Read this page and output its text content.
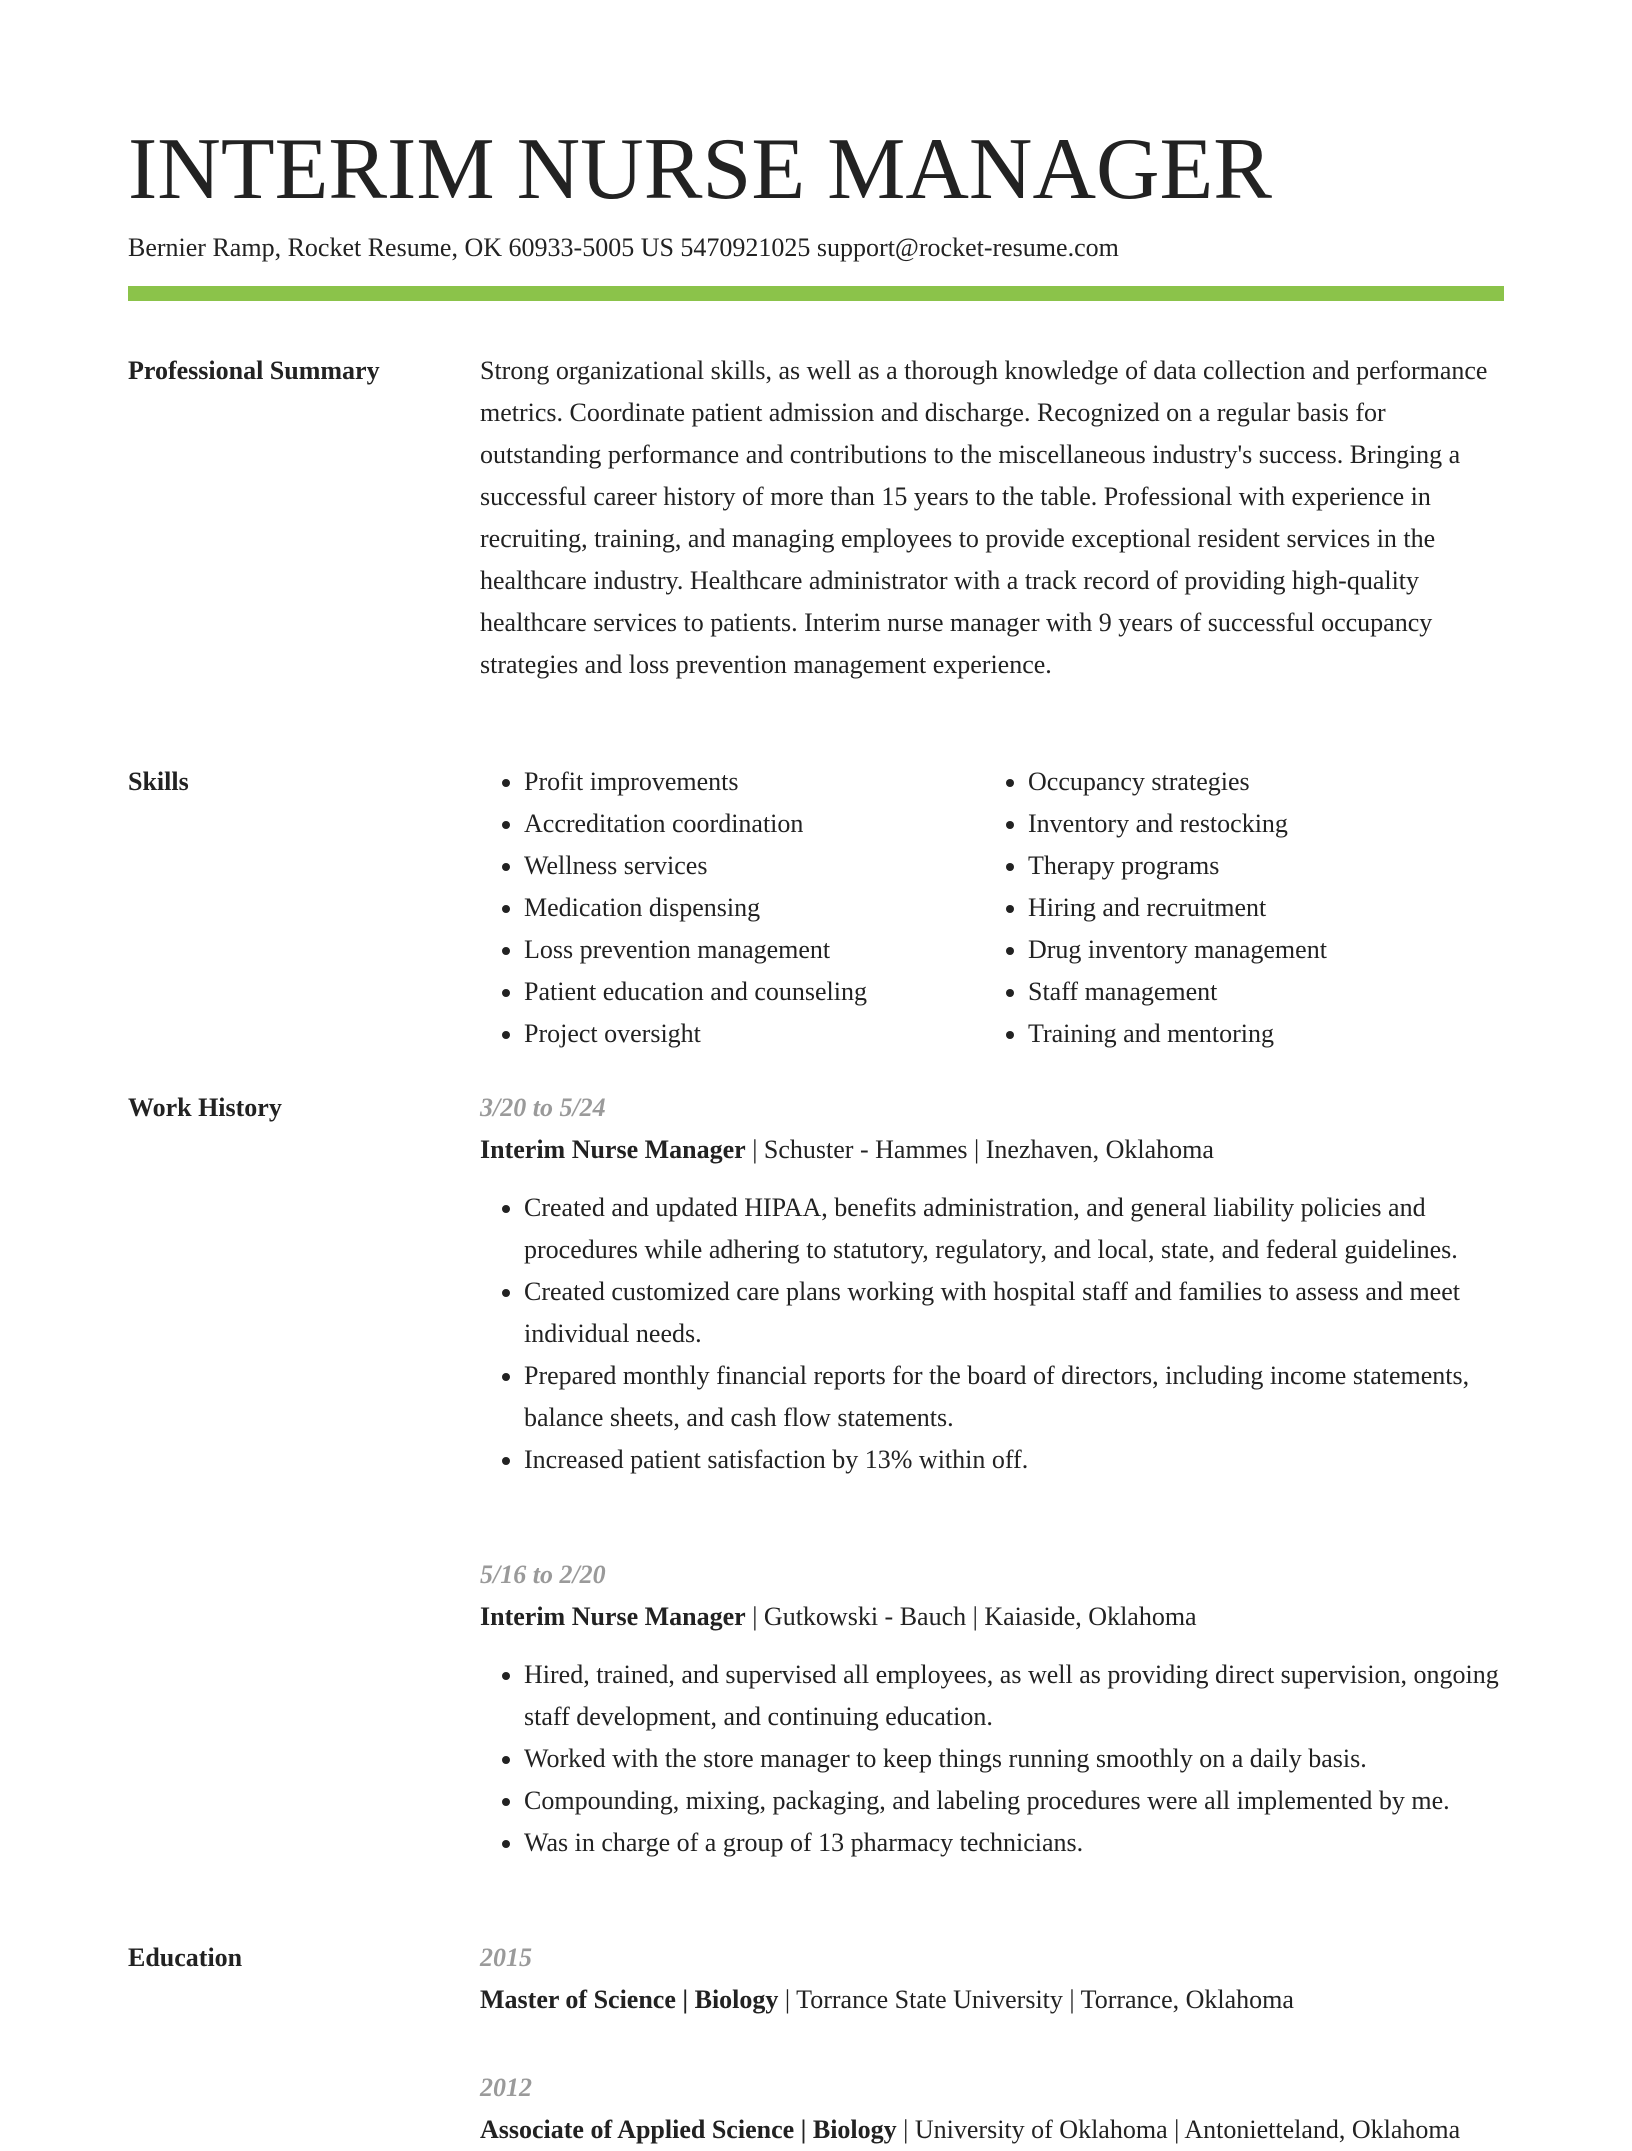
INTERIM NURSE MANAGER
Bernier Ramp, Rocket Resume, OK 60933-5005 US 5470921025 support@rocket-resume.com
Professional Summary	Strong organizational skills, as well as a thorough knowledge of data collection and performance metrics. Coordinate patient admission and discharge. Recognized on a regular basis for outstanding performance and contributions to the miscellaneous industry's success. Bringing a successful career history of more than 15 years to the table. Professional with experience in recruiting, training, and managing employees to provide exceptional resident services in the healthcare industry. Healthcare administrator with a track record of providing high-quality healthcare services to patients. Interim nurse manager with 9 years of successful occupancy strategies and loss prevention management experience.

Skills
•	Profit improvements
• Accreditation coordination
• Wellness services
• Medication dispensing
• Loss prevention management
• Patient education and counseling
• Project oversight
• Occupancy strategies
• Inventory and restocking
• Therapy programs
• Hiring and recruitment
• Drug inventory management
• Staff management
• Training and mentoring
Work History	3/20 to 5/24
Interim Nurse Manager | Schuster - Hammes | Inezhaven, Oklahoma
• Created and updated HIPAA, benefits administration, and general liability policies and procedures while adhering to statutory, regulatory, and local, state, and federal guidelines.
• Created customized care plans working with hospital staff and families to assess and meet individual needs.
• Prepared monthly financial reports for the board of directors, including income statements, balance sheets, and cash flow statements.
• Increased patient satisfaction by 13% within off.
5/16 to 2/20
Interim Nurse Manager | Gutkowski - Bauch | Kaiaside, Oklahoma
• Hired, trained, and supervised all employees, as well as providing direct supervision, ongoing staff development, and continuing education.
• Worked with the store manager to keep things running smoothly on a daily basis.
• Compounding, mixing, packaging, and labeling procedures were all implemented by me.
• Was in charge of a group of 13 pharmacy technicians.
Education	2015
Master of Science | Biology | Torrance State University | Torrance, Oklahoma
2012
Associate of Applied Science | Biology | University of Oklahoma | Antonietteland, Oklahoma
